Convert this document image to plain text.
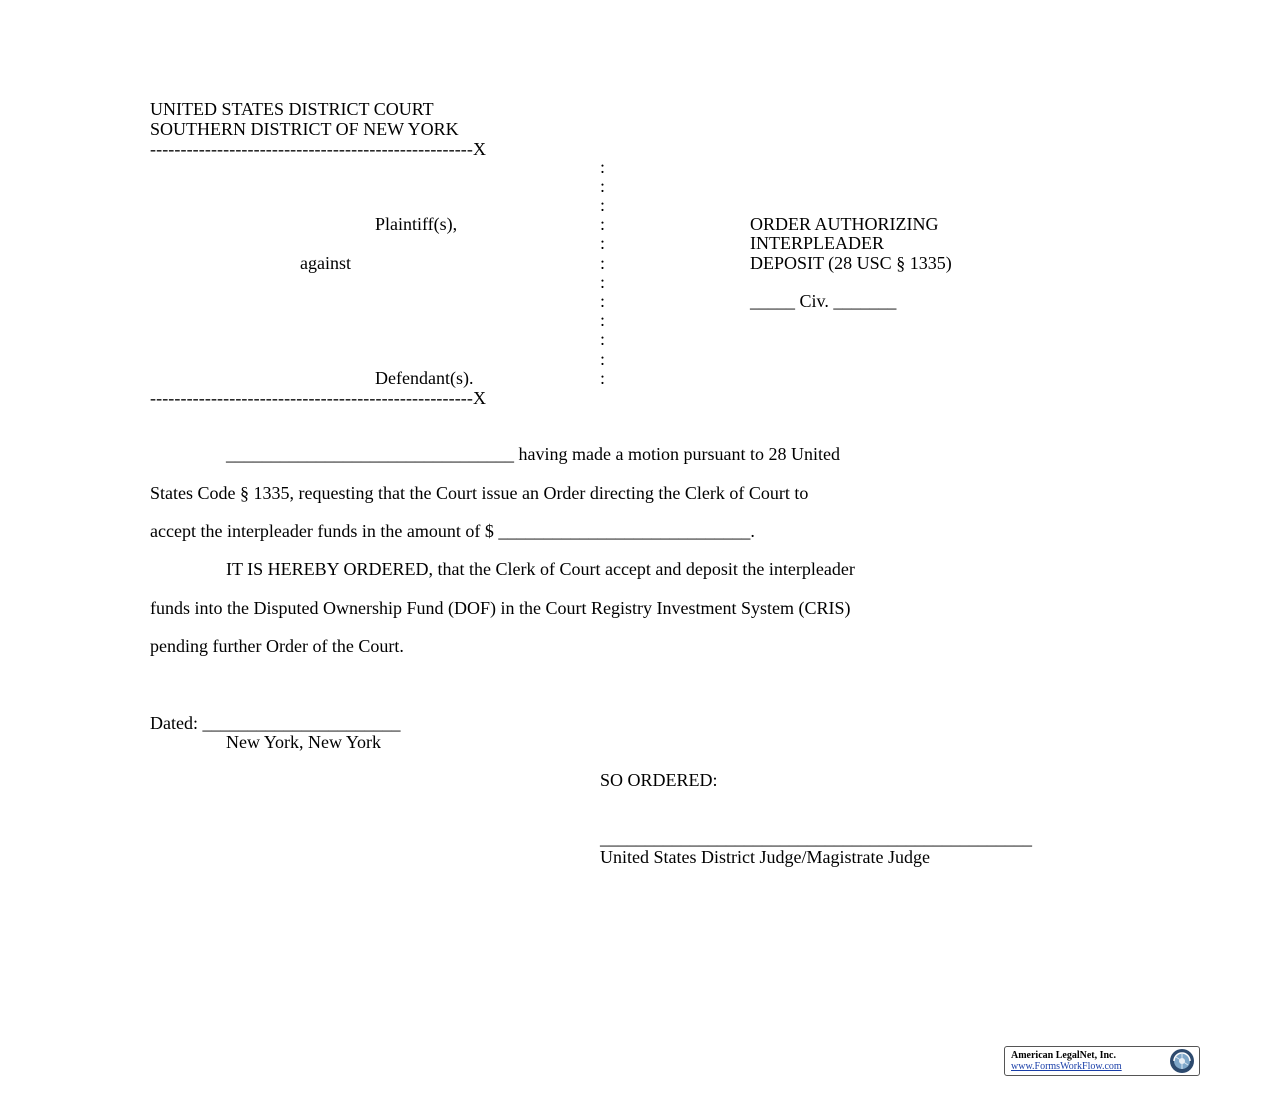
UNITED STATES DISTRICT COURT
SOUTHERN DISTRICT OF NEW YORK
-----------------------------------------------------X
-----------------------------------------------------X
:
:
:
:
:
:
:
:
:
:
:
:
Plaintiff(s),
against
Defendant(s).
ORDER AUTHORIZING
INTERPLEADER
DEPOSIT (28 USC § 1335)
_____ Civ. _______
________________________________ having made a motion pursuant to 28 United
States Code § 1335, requesting that the Court issue an Order directing the Clerk of Court to
accept the interpleader funds in the amount of $ ____________________________.
IT IS HEREBY ORDERED, that the Clerk of Court accept and deposit the interpleader
funds into the Disputed Ownership Fund (DOF) in the Court Registry Investment System (CRIS)
pending further Order of the Court.
Dated: ______________________
New York, New York
SO ORDERED:
________________________________________________
United States District Judge/Magistrate Judge
American LegalNet, Inc.
www.FormsWorkFlow.com
